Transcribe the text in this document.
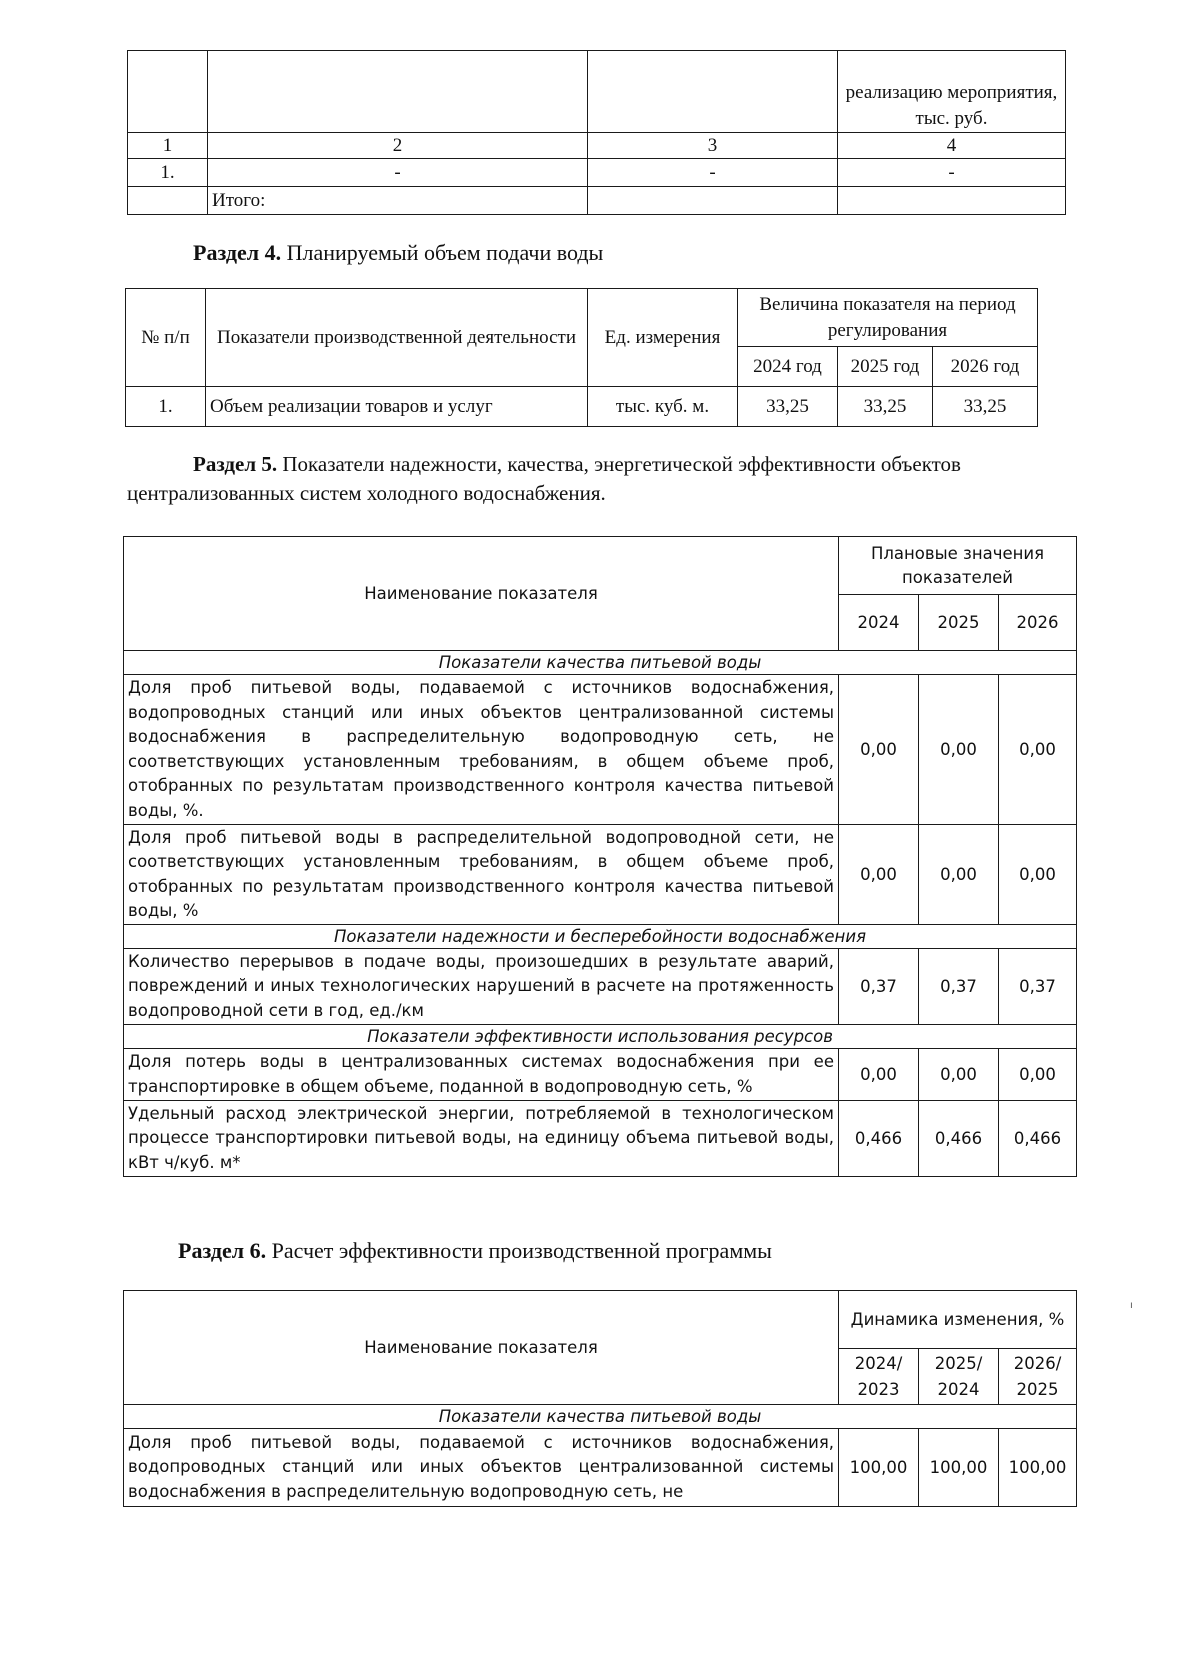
			реализацию мероприятия, тыс. руб.
1	2	3	4
1.	-	-	-
	Итого:		
Раздел 4. Планируемый объем подачи воды
№ п/п	Показатели производственной деятельности	Ед. измерения	Величина показателя на период регулирования		
			2024 год	2025 год	2026 год
1.	Объем реализации товаров и услуг	тыс. куб. м.	33,25	33,25	33,25
Раздел 5. Показатели надежности, качества, энергетической эффективности объектов централизованных систем холодного водоснабжения.
Наименование показателя	Плановые значения показателей		
	2024	2025	2026
Показатели качества питьевой воды			
Доля проб питьевой воды, подаваемой с источников водоснабжения, водопроводных станций или иных объектов централизованной системы водоснабжения в распределительную водопроводную сеть, не соответствующих установленным требованиям, в общем объеме проб, отобранных по результатам производственного контроля качества питьевой воды, %.	0,00	0,00	0,00
Доля проб питьевой воды в распределительной водопроводной сети, не соответствующих установленным требованиям, в общем объеме проб, отобранных по результатам производственного контроля качества питьевой воды, %	0,00	0,00	0,00
Показатели надежности и бесперебойности водоснабжения			
Количество перерывов в подаче воды, произошедших в результате аварий, повреждений и иных технологических нарушений в расчете на протяженность водопроводной сети в год, ед./км	0,37	0,37	0,37
Показатели эффективности использования ресурсов			
Доля потерь воды в централизованных системах водоснабжения при ее транспортировке в общем объеме, поданной в водопроводную сеть, %	0,00	0,00	0,00
Удельный расход электрической энергии, потребляемой в технологическом процессе транспортировки питьевой воды, на единицу объема питьевой воды, кВт ч/куб. м*	0,466	0,466	0,466
Раздел 6. Расчет эффективности производственной программы
Наименование показателя	Динамика изменения, %		
	2024/ 2023	2025/ 2024	2026/ 2025
Показатели качества питьевой воды			
Доля проб питьевой воды, подаваемой с источников водоснабжения, водопроводных станций или иных объектов централизованной системы водоснабжения в распределительную водопроводную сеть, не	100,00	100,00	100,00
ı
